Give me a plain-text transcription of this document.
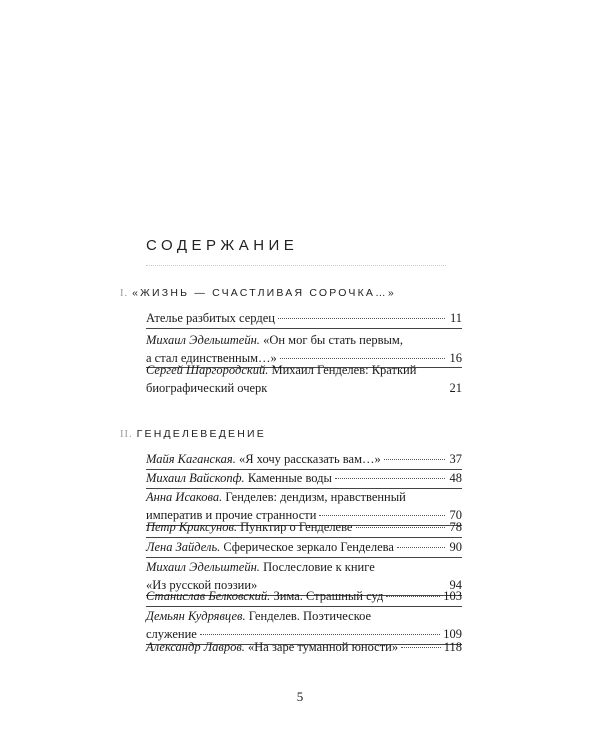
СОДЕРЖАНИЕ
I. «ЖИЗНЬ — СЧАСТЛИВАЯ СОРОЧКА…»
Ателье разбитых сердец	11
Михаил Эдельштейн.
«Он мог бы стать первым,
а стал единственным…»	16
Сергей Шаргородский.
Михаил Генделев: Краткий
биографический очерк	21
II. ГЕНДЕЛЕВЕДЕНИЕ
Майя Каганская.
«Я хочу рассказать вам…»	37
Михаил Вайскопф.
Каменные воды	48
Анна Исакова.
Генделев: дендизм, нравственный
императив и прочие странности	70
Петр Криксунов.
Пунктир о Генделеве	78
Лена Зайдель.
Сферическое зеркало Генделева	90
Михаил Эдельштейн.
Послесловие к книге
«Из русской поэзии»	94
Станислав Белковский.
Зима. Страшный суд	103
Демьян Кудрявцев.
Генделев. Поэтическое
служение	109
Александр Лавров.
«На заре туманной юности»	118
5
